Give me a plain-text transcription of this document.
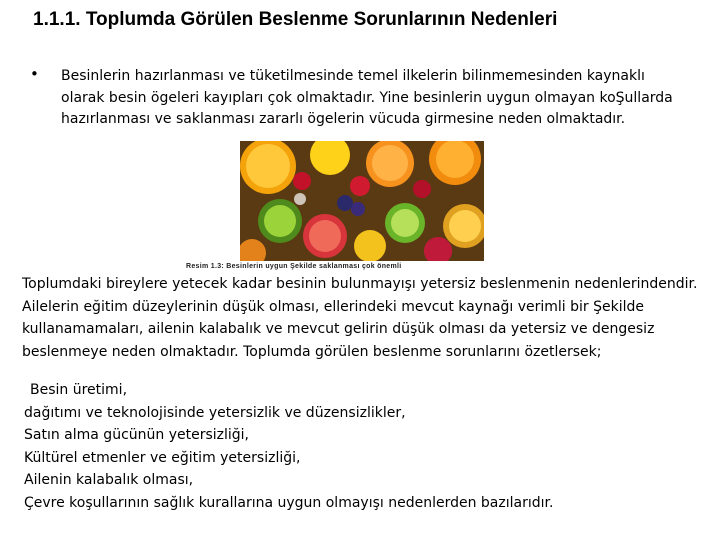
1.1.1. Toplumda Görülen Beslenme Sorunlarının Nedenleri
• Besinlerin hazırlanması ve tüketilmesinde temel ilkelerin bilinmemesinden kaynaklı olarak besin ögeleri kayıpları çok olmaktadır. Yine besinlerin uygun olmayan koŞullarda hazırlanması ve saklanması zararlı ögelerin vücuda girmesine neden olmaktadır.
Resim 1.3: Besinlerin uygun Şekilde saklanması çok önemli
Toplumdaki bireylere yetecek kadar besinin bulunmayışı yetersiz beslenmenin nedenlerindendir. Ailelerin eğitim düzeylerinin düşük olması, ellerindeki mevcut kaynağı verimli bir Şekilde kullanamamaları, ailenin kalabalık ve mevcut gelirin düşük olması da yetersiz ve dengesiz beslenmeye neden olmaktadır. Toplumda görülen beslenme sorunlarını özetlersek;
Besin üretimi,
dağıtımı ve teknolojisinde yetersizlik ve düzensizlikler,
Satın alma gücünün yetersizliği,
Kültürel etmenler ve eğitim yetersizliği,
Ailenin kalabalık olması,
Çevre koşullarının sağlık kurallarına uygun olmayışı nedenlerden bazılarıdır.
